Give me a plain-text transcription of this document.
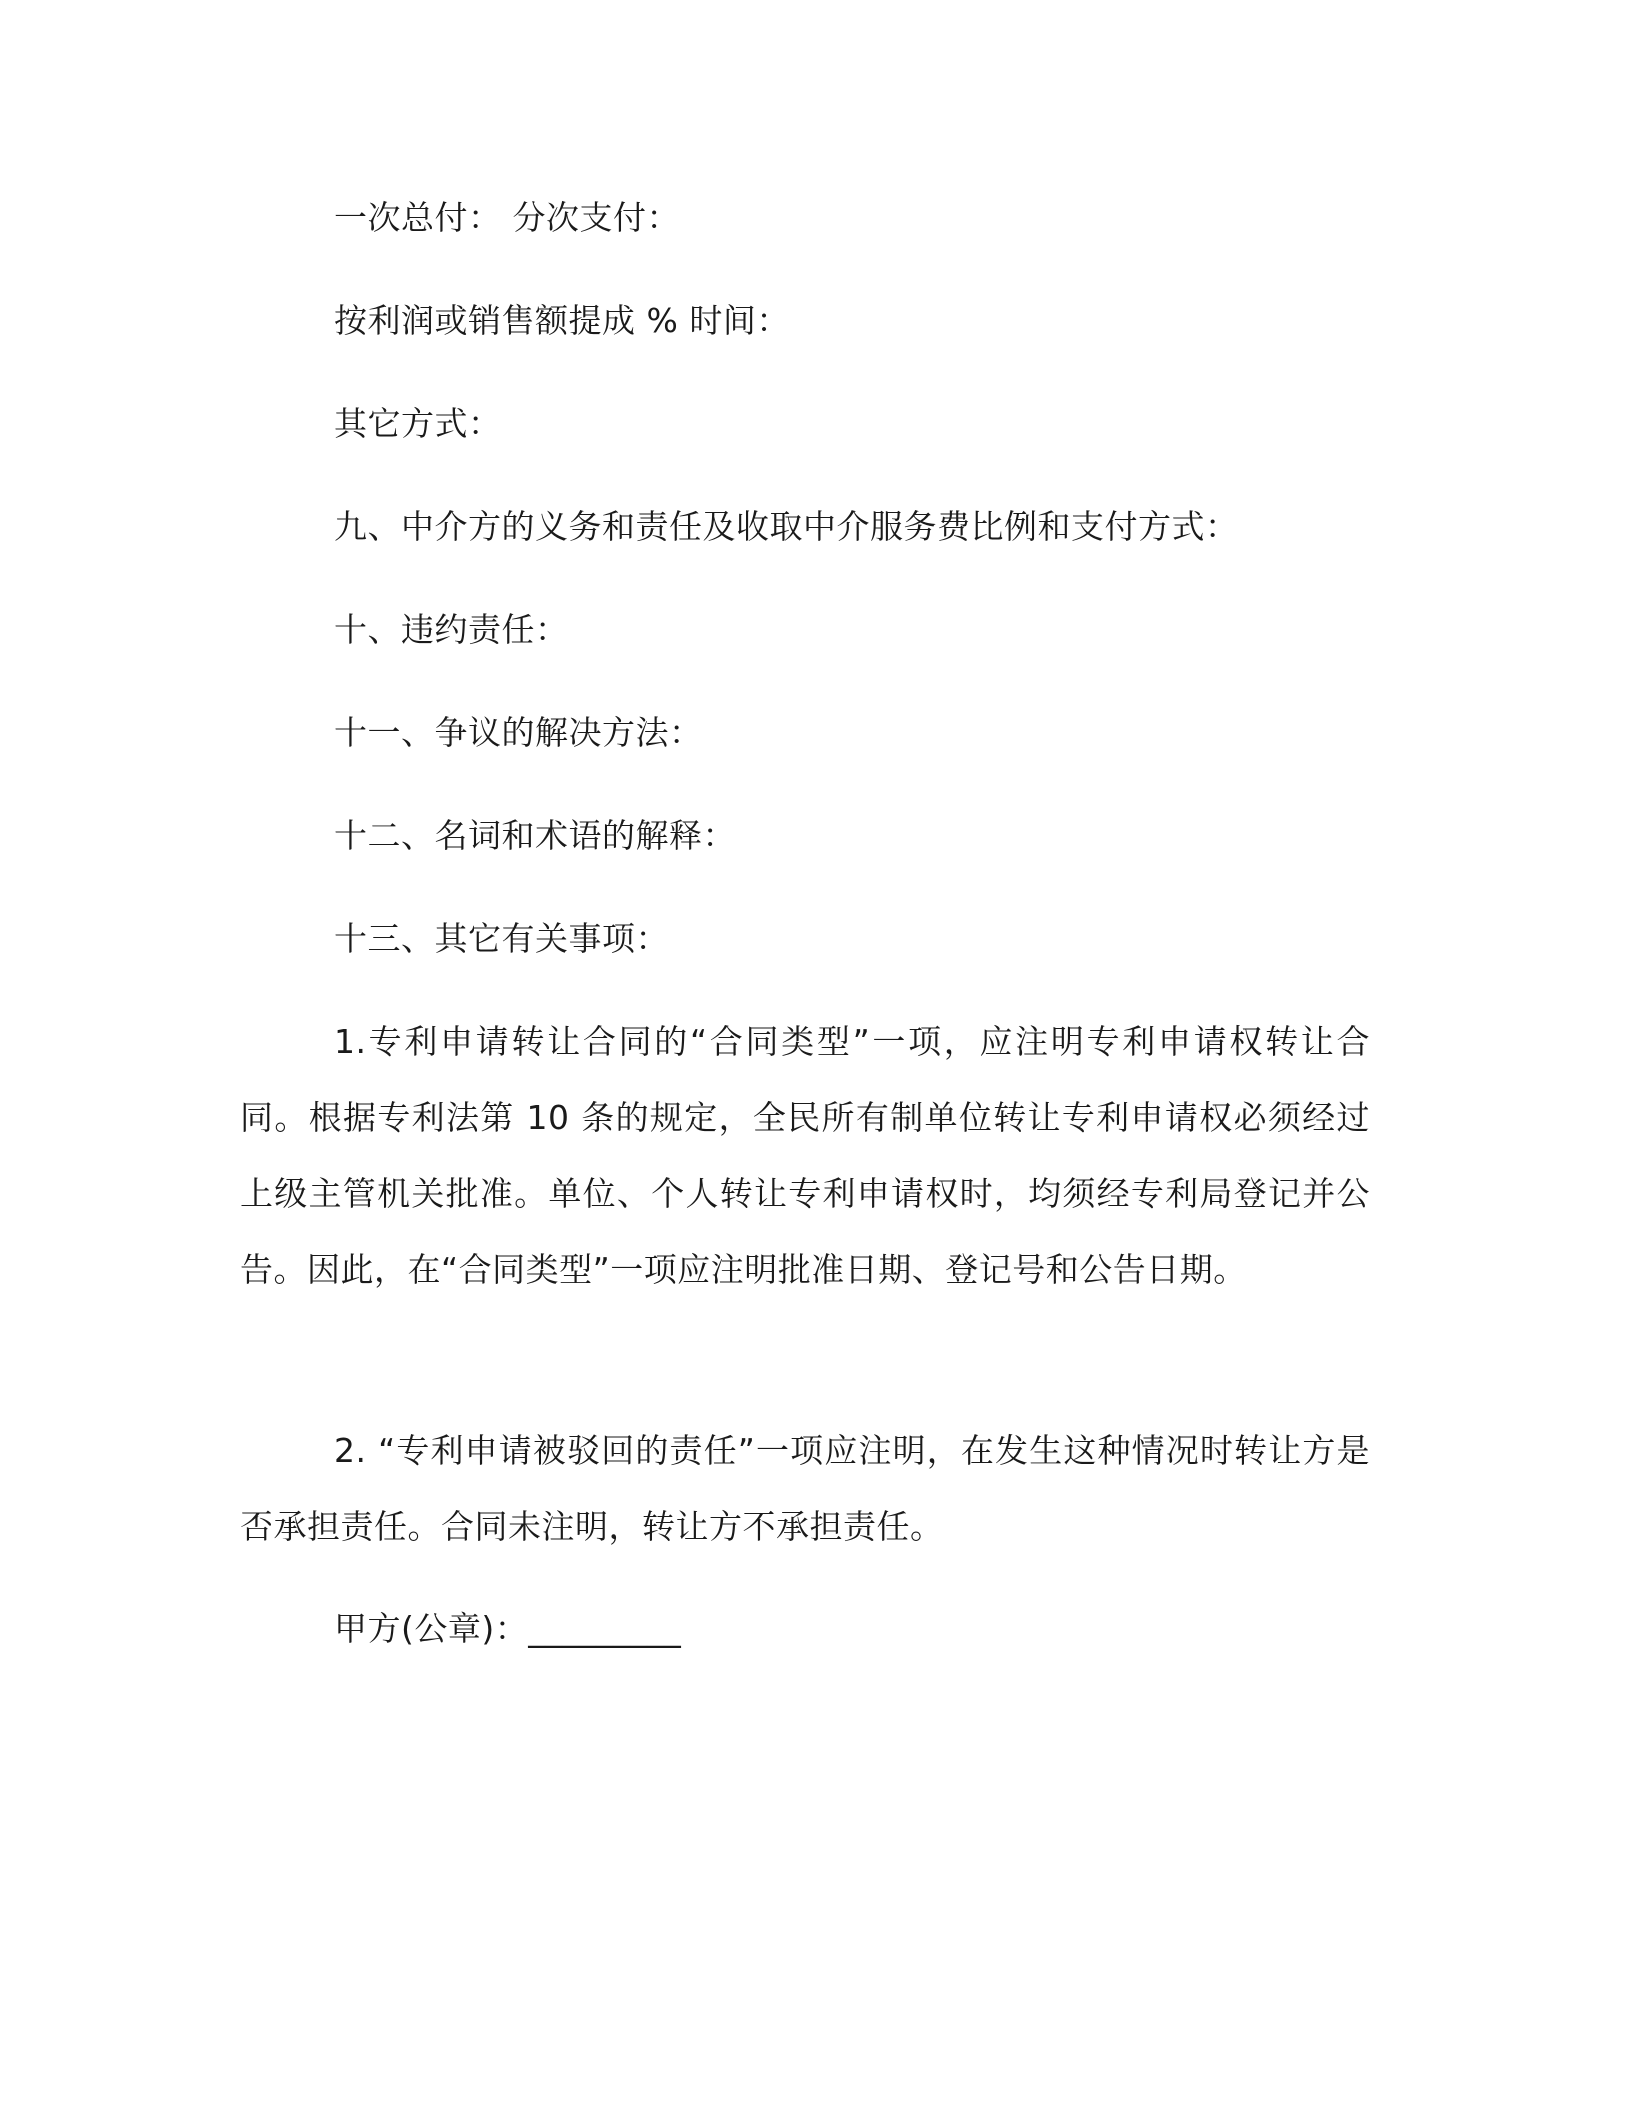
一次总付： 分次支付：
按利润或销售额提成 % 时间：
其它方式：
九、中介方的义务和责任及收取中介服务费比例和支付方式：
十、违约责任：
十一、争议的解决方法：
十二、名词和术语的解释：
十三、其它有关事项：
1.专利申请转让合同的“合同类型”一项，应注明专利申请权转让合同。根据专利法第 10 条的规定，全民所有制单位转让专利申请权必须经过上级主管机关批准。单位、个人转让专利申请权时，均须经专利局登记并公告。因此，在“合同类型”一项应注明批准日期、登记号和公告日期。
2. “专利申请被驳回的责任”一项应注明，在发生这种情况时转让方是否承担责任。合同未注明，转让方不承担责任。
甲方(公章)：_________
